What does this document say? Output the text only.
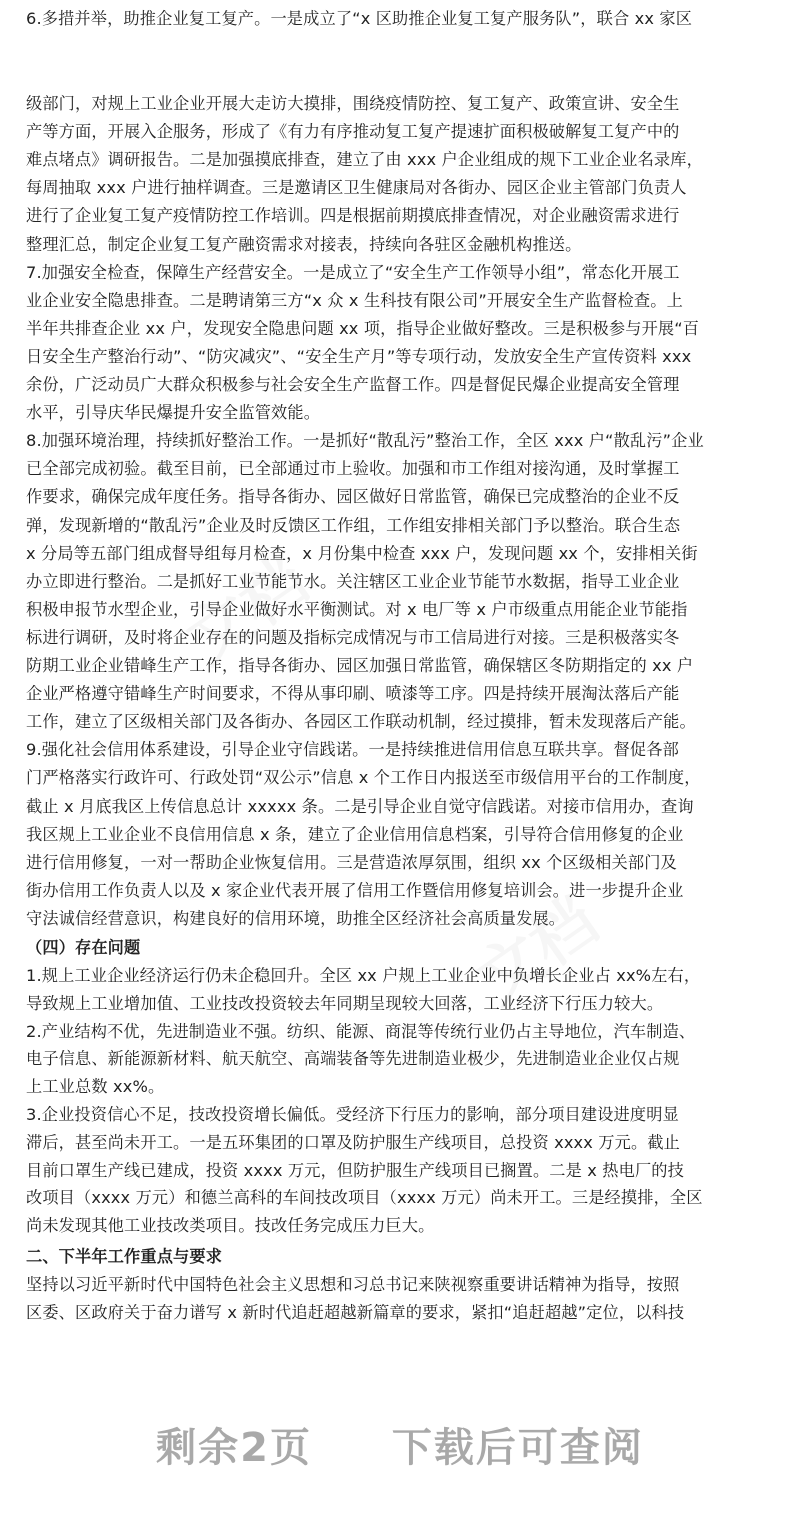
6.多措并举，助推企业复工复产。一是成立了“x 区助推企业复工复产服务队”，联合 xx 家区
级部门，对规上工业企业开展大走访大摸排，围绕疫情防控、复工复产、政策宣讲、安全生
产等方面，开展入企服务，形成了《有力有序推动复工复产提速扩面积极破解复工复产中的
难点堵点》调研报告。二是加强摸底排查，建立了由 xxx 户企业组成的规下工业企业名录库，
每周抽取 xxx 户进行抽样调查。三是邀请区卫生健康局对各街办、园区企业主管部门负责人
进行了企业复工复产疫情防控工作培训。四是根据前期摸底排查情况，对企业融资需求进行
整理汇总，制定企业复工复产融资需求对接表，持续向各驻区金融机构推送。
7.加强安全检查，保障生产经营安全。一是成立了“安全生产工作领导小组”，常态化开展工
业企业安全隐患排查。二是聘请第三方“x 众 x 生科技有限公司”开展安全生产监督检查。上
半年共排查企业 xx 户，发现安全隐患问题 xx 项，指导企业做好整改。三是积极参与开展“百
日安全生产整治行动”、“防灾减灾”、“安全生产月”等专项行动，发放安全生产宣传资料 xxx
余份，广泛动员广大群众积极参与社会安全生产监督工作。四是督促民爆企业提高安全管理
水平，引导庆华民爆提升安全监管效能。
8.加强环境治理，持续抓好整治工作。一是抓好“散乱污”整治工作，全区 xxx 户“散乱污”企业
已全部完成初验。截至目前，已全部通过市上验收。加强和市工作组对接沟通，及时掌握工
作要求，确保完成年度任务。指导各街办、园区做好日常监管，确保已完成整治的企业不反
弹，发现新增的“散乱污”企业及时反馈区工作组，工作组安排相关部门予以整治。联合生态
x 分局等五部门组成督导组每月检查，x 月份集中检查 xxx 户，发现问题 xx 个，安排相关街
办立即进行整治。二是抓好工业节能节水。关注辖区工业企业节能节水数据，指导工业企业
积极申报节水型企业，引导企业做好水平衡测试。对 x 电厂等 x 户市级重点用能企业节能指
标进行调研，及时将企业存在的问题及指标完成情况与市工信局进行对接。三是积极落实冬
防期工业企业错峰生产工作，指导各街办、园区加强日常监管，确保辖区冬防期指定的 xx 户
企业严格遵守错峰生产时间要求，不得从事印刷、喷漆等工序。四是持续开展淘汰落后产能
工作，建立了区级相关部门及各街办、各园区工作联动机制，经过摸排，暂未发现落后产能。
9.强化社会信用体系建设，引导企业守信践诺。一是持续推进信用信息互联共享。督促各部
门严格落实行政许可、行政处罚“双公示”信息 x 个工作日内报送至市级信用平台的工作制度，
截止 x 月底我区上传信息总计 xxxxx 条。二是引导企业自觉守信践诺。对接市信用办，查询
我区规上工业企业不良信用信息 x 条，建立了企业信用信息档案，引导符合信用修复的企业
进行信用修复，一对一帮助企业恢复信用。三是营造浓厚氛围，组织 xx 个区级相关部门及
街办信用工作负责人以及 x 家企业代表开展了信用工作暨信用修复培训会。进一步提升企业
守法诚信经营意识，构建良好的信用环境，助推全区经济社会高质量发展。
（四）存在问题
1.规上工业企业经济运行仍未企稳回升。全区 xx 户规上工业企业中负增长企业占 xx%左右，
导致规上工业增加值、工业技改投资较去年同期呈现较大回落，工业经济下行压力较大。
2.产业结构不优，先进制造业不强。纺织、能源、商混等传统行业仍占主导地位，汽车制造、
电子信息、新能源新材料、航天航空、高端装备等先进制造业极少，先进制造业企业仅占规
上工业总数 xx%。
3.企业投资信心不足，技改投资增长偏低。受经济下行压力的影响，部分项目建设进度明显
滞后，甚至尚未开工。一是五环集团的口罩及防护服生产线项目，总投资 xxxx 万元。截止
目前口罩生产线已建成，投资 xxxx 万元，但防护服生产线项目已搁置。二是 x 热电厂的技
改项目（xxxx 万元）和德兰高科的车间技改项目（xxxx 万元）尚未开工。三是经摸排，全区
尚未发现其他工业技改类项目。技改任务完成压力巨大。
二、下半年工作重点与要求
坚持以习近平新时代中国特色社会主义思想和习总书记来陕视察重要讲话精神为指导，按照
区委、区政府关于奋力谱写 x 新时代追赶超越新篇章的要求，紧扣“追赶超越”定位，以科技
剩余2页 下载后可查阅
